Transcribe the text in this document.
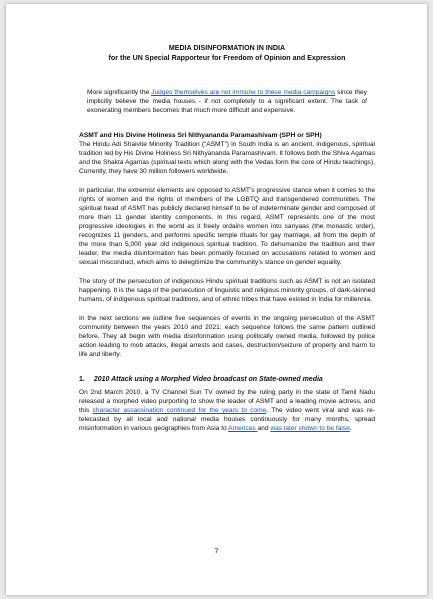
MEDIA DISINFORMATION IN INDIA
for the UN Special Rapporteur for Freedom of Opinion and Expression

More significantly the Judges themselves are not immune to these media campaigns since they implicitly believe the media houses - if not completely to a significant extent. The task of exonerating members becomes that much more difficult and expensive.

ASMT and His Divine Holiness Sri Nithyananda Paramashivam (SPH or SPH)

The Hindu Adi Shaivite Minority Tradition (“ASMT”) in South India is an ancient, indigenous, spiritual tradition led by His Divine Holiness Sri Nithyananda Paramashivam. It follows both the Shiva Agamas and the Shakta Agamas (spiritual texts which along with the Vedas form the core of Hindu teachings). Currently, they have 30 million followers worldwide.

In particular, the extremist elements are opposed to ASMT’s progressive stance when it comes to the rights of women and the rights of members of the LGBTQ and transgendered communities. The spiritual head of ASMT has publicly declared himself to be of indeterminate gender and composed of more than 11 gender identity components. In this regard, ASMT represents one of the most progressive ideologies in the world as it freely ordains women into sanyaas (the monastic order), recognizes 11 genders, and performs specific temple rituals for gay marriage, all from the depth of the more than 5,000 year old indigenous spiritual tradition. To dehumanize the tradition and their leader, the media disinformation has been primarily focused on accusations related to women and sexual misconduct, which aims to delegitimize the community’s stance on gender equality.

The story of the persecution of indigenous Hindu spiritual traditions such as ASMT is not an isolated happening. It is the saga of the persecution of linguistic and religious minority groups, of dark-skinned humans, of indigenous spiritual traditions, and of ethnic tribes that have existed in India for millennia.

In the next sections we outline five sequences of events in the ongoing persecution of the ASMT community between the years 2010 and 2021: each sequence follows the same pattern outlined before. They all begin with media disinformation using politically owned media, followed by police action leading to mob attacks, illegal arrests and cases, destruction/seizure of property and harm to life and liberty.

1. 2010 Attack using a Morphed Video broadcast on State-owned media

On 2nd March 2010, a TV Channel Sun TV owned by the ruling party in the state of Tamil Nadu released a morphed video purporting to show the leader of ASMT and a leading movie actress, and this character assassination continued for the years to come. The video went viral and was re-telecasted by all local and national media houses continuously for many months, spread misinformation in various geographies from Asia to Americas and was later shown to be false.

7
